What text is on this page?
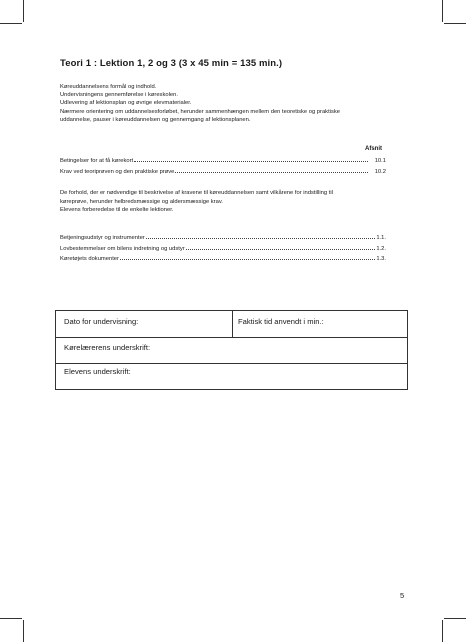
Teori 1 : Lektion 1, 2 og 3 (3 x 45 min = 135 min.)
Køreuddannelsens formål og indhold.
Undervisningens gennemførelse i køreskolen.
Udlevering af lektionsplan og øvrige elevmaterialer.
Nærmere orientering om uddannelsesforløbet, herunder sammenhængen mellem den teoretiske og praktiske
uddannelse, pauser i køreuddannelsen og gennemgang af lektionsplanen.
Afsnit
Betingelser for at få kørekort	10.1
Krav ved teoriprøven og den praktiske prøve	10.2
De forhold, der er nødvendige til beskrivelse af kravene til køreuddannelsen samt vilkårene for indstilling til
køreprøve, herunder helbredsmæssige og aldersmæssige krav.
Elevens forberedelse til de enkelte lektioner.
Betjeningsudstyr og instrumenter	1.1.
Lovbestemmelser om bilens indretning og udstyr	1.2.
Køretøjets dokumenter	1.3.
Dato for undervisning:	Faktisk tid anvendt i min.:
Kørelærerens underskrift:
Elevens underskrift:
5
